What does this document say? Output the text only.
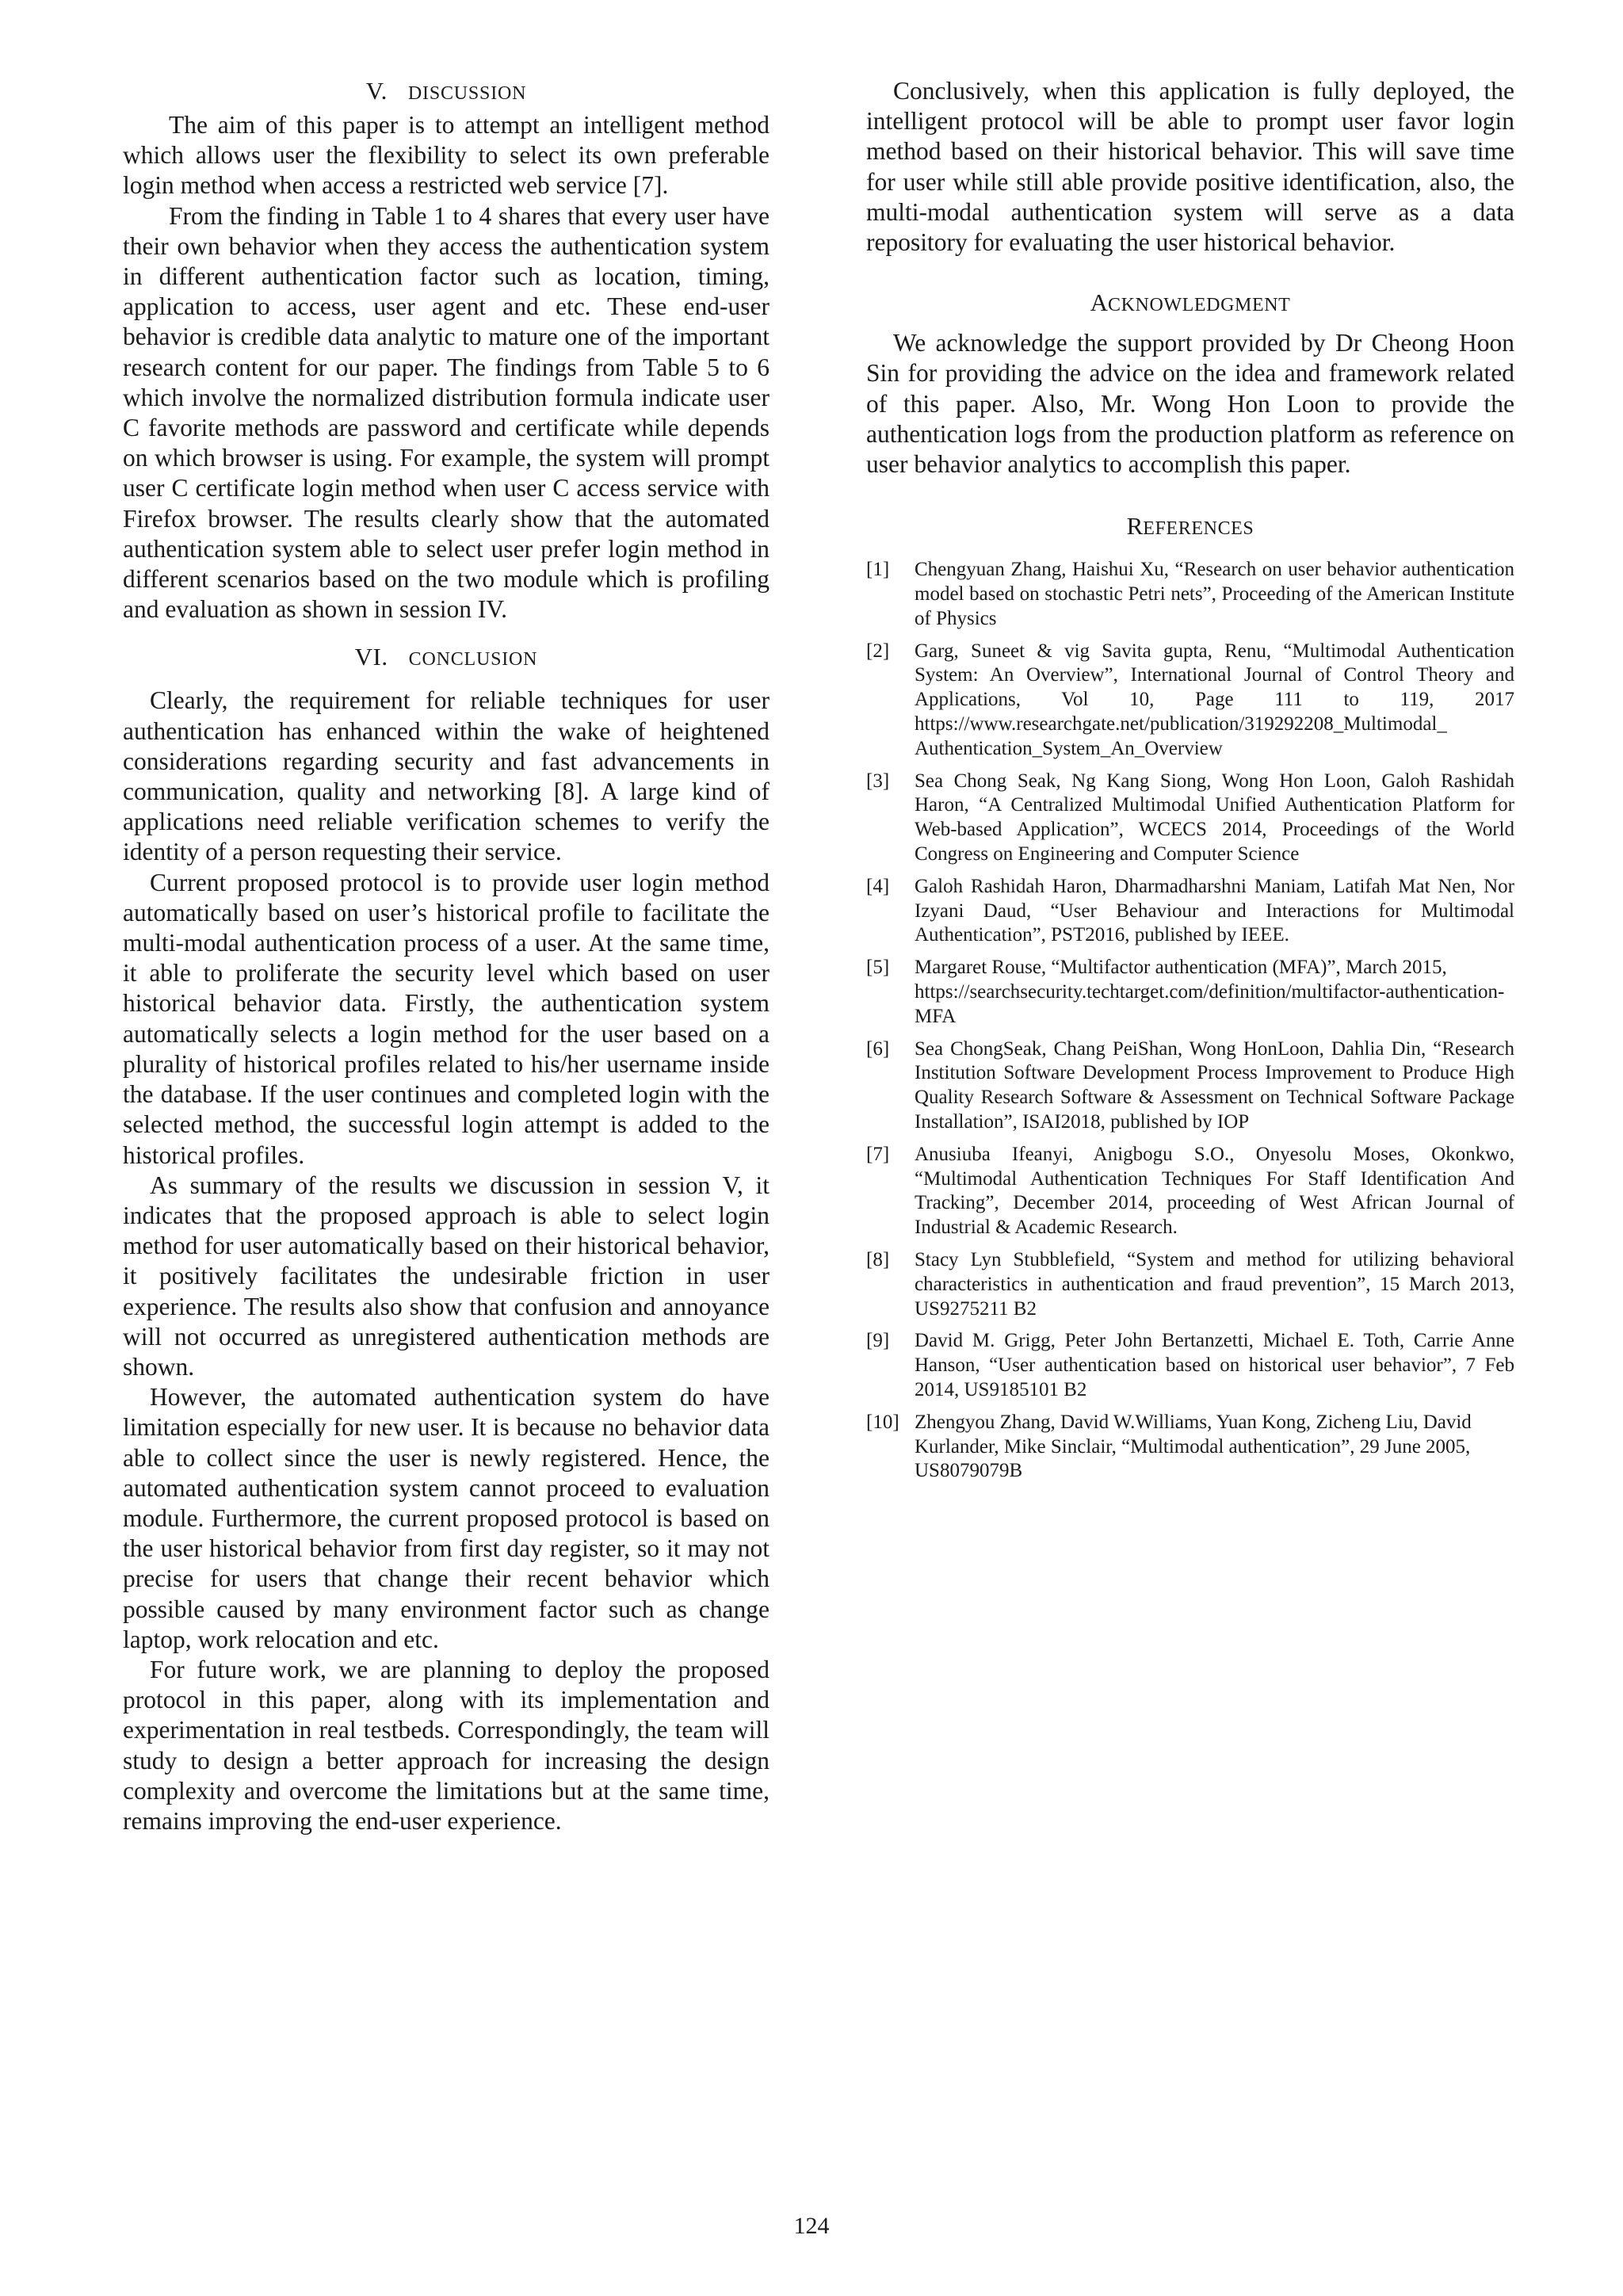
V. DISCUSSION

The aim of this paper is to attempt an intelligent method which allows user the flexibility to select its own preferable login method when access a restricted web service [7].

From the finding in Table 1 to 4 shares that every user have their own behavior when they access the authentication system in different authentication factor such as location, timing, application to access, user agent and etc. These end-user behavior is credible data analytic to mature one of the important research content for our paper. The findings from Table 5 to 6 which involve the normalized distribution formula indicate user C favorite methods are password and certificate while depends on which browser is using. For example, the system will prompt user C certificate login method when user C access service with Firefox browser. The results clearly show that the automated authentication system able to select user prefer login method in different scenarios based on the two module which is profiling and evaluation as shown in session IV.

VI. CONCLUSION

Clearly, the requirement for reliable techniques for user authentication has enhanced within the wake of heightened considerations regarding security and fast advancements in communication, quality and networking [8]. A large kind of applications need reliable verification schemes to verify the identity of a person requesting their service.

Current proposed protocol is to provide user login method automatically based on user’s historical profile to facilitate the multi-modal authentication process of a user. At the same time, it able to proliferate the security level which based on user historical behavior data. Firstly, the authentication system automatically selects a login method for the user based on a plurality of historical profiles related to his/her username inside the database. If the user continues and completed login with the selected method, the successful login attempt is added to the historical profiles.

As summary of the results we discussion in session V, it indicates that the proposed approach is able to select login method for user automatically based on their historical behavior, it positively facilitates the undesirable friction in user experience. The results also show that confusion and annoyance will not occurred as unregistered authentication methods are shown.

However, the automated authentication system do have limitation especially for new user. It is because no behavior data able to collect since the user is newly registered. Hence, the automated authentication system cannot proceed to evaluation module. Furthermore, the current proposed protocol is based on the user historical behavior from first day register, so it may not precise for users that change their recent behavior which possible caused by many environment factor such as change laptop, work relocation and etc.

For future work, we are planning to deploy the proposed protocol in this paper, along with its implementation and experimentation in real testbeds. Correspondingly, the team will study to design a better approach for increasing the design complexity and overcome the limitations but at the same time, remains improving the end-user experience.

Conclusively, when this application is fully deployed, the intelligent protocol will be able to prompt user favor login method based on their historical behavior. This will save time for user while still able provide positive identification, also, the multi-modal authentication system will serve as a data repository for evaluating the user historical behavior.

ACKNOWLEDGMENT

We acknowledge the support provided by Dr Cheong Hoon Sin for providing the advice on the idea and framework related of this paper. Also, Mr. Wong Hon Loon to provide the authentication logs from the production platform as reference on user behavior analytics to accomplish this paper.

REFERENCES
[1]	Chengyuan Zhang, Haishui Xu, “Research on user behavior authentication model based on stochastic Petri nets”, Proceeding of the American Institute of Physics
[2]	Garg, Suneet & vig Savita gupta, Renu, “Multimodal Authentication System: An Overview”, International Journal of Control Theory and Applications, Vol 10, Page 111 to 119, 2017 https://www.researchgate.net/publication/319292208_Multimodal_ Authentication_System_An_Overview
[3]	Sea Chong Seak, Ng Kang Siong, Wong Hon Loon, Galoh Rashidah Haron, “A Centralized Multimodal Unified Authentication Platform for Web-based Application”, WCECS 2014, Proceedings of the World Congress on Engineering and Computer Science
[4]	Galoh Rashidah Haron, Dharmadharshni Maniam, Latifah Mat Nen, Nor Izyani Daud, “User Behaviour and Interactions for Multimodal Authentication”, PST2016, published by IEEE.
[5]	Margaret Rouse, “Multifactor authentication (MFA)”, March 2015, https://searchsecurity.techtarget.com/definition/multifactor-authentication-MFA
[6]	Sea ChongSeak, Chang PeiShan, Wong HonLoon, Dahlia Din, “Research Institution Software Development Process Improvement to Produce High Quality Research Software & Assessment on Technical Software Package Installation”, ISAI2018, published by IOP
[7]	Anusiuba Ifeanyi, Anigbogu S.O., Onyesolu Moses, Okonkwo, “Multimodal Authentication Techniques For Staff Identification And Tracking”, December 2014, proceeding of West African Journal of Industrial & Academic Research.
[8]	Stacy Lyn Stubblefield, “System and method for utilizing behavioral characteristics in authentication and fraud prevention”, 15 March 2013, US9275211 B2
[9]	David M. Grigg, Peter John Bertanzetti, Michael E. Toth, Carrie Anne Hanson, “User authentication based on historical user behavior”, 7 Feb 2014, US9185101 B2
[10] Zhengyou Zhang, David W.Williams, Yuan Kong, Zicheng Liu, David Kurlander, Mike Sinclair, “Multimodal authentication”, 29 June 2005, US8079079B
124
